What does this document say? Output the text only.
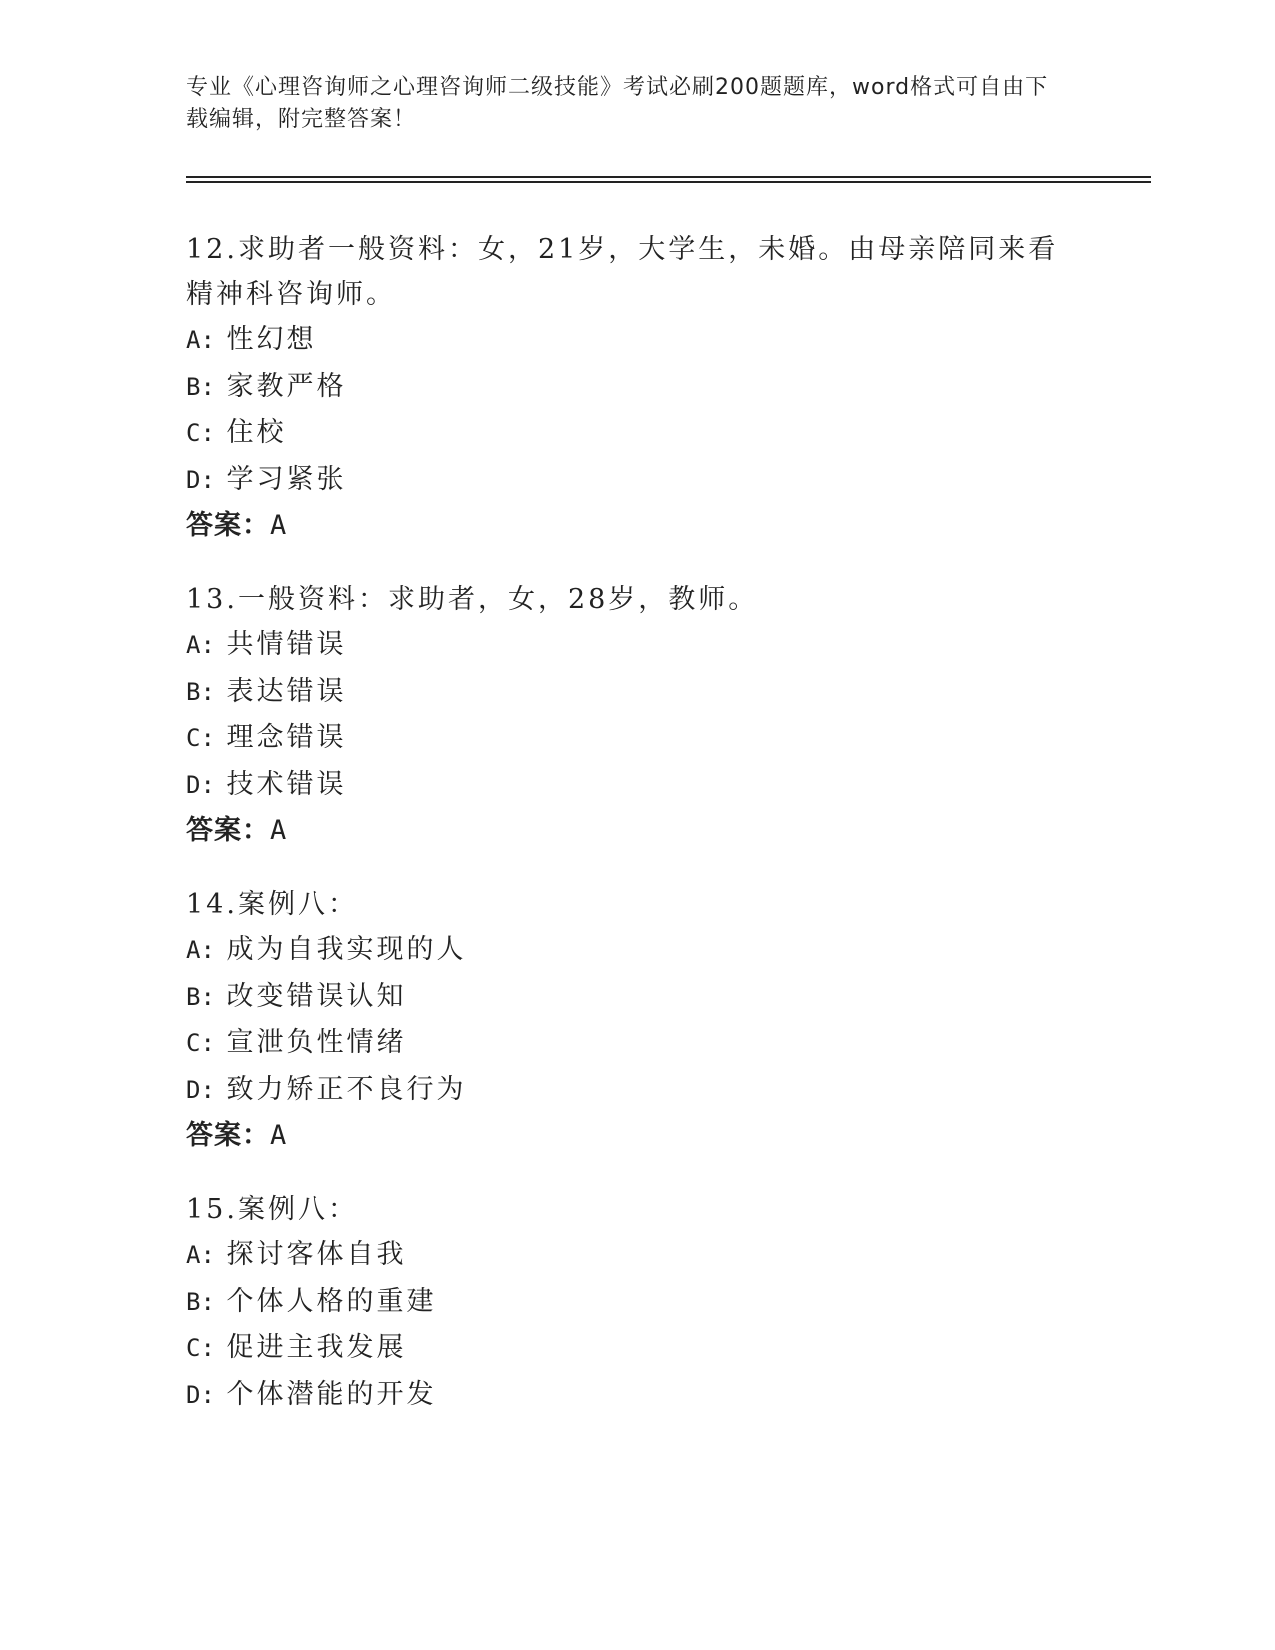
专业《心理咨询师之心理咨询师二级技能》考试必刷200题题库，word格式可自由下载编辑，附完整答案！
12.求助者一般资料：女，21岁，大学生，未婚。由母亲陪同来看精神科咨询师。
A: 性幻想
B: 家教严格
C: 住校
D: 学习紧张
答案：A
13.一般资料：求助者，女，28岁，教师。
A: 共情错误
B: 表达错误
C: 理念错误
D: 技术错误
答案：A
14.案例八：
A: 成为自我实现的人
B: 改变错误认知
C: 宣泄负性情绪
D: 致力矫正不良行为
答案：A
15.案例八：
A: 探讨客体自我
B: 个体人格的重建
C: 促进主我发展
D: 个体潜能的开发
